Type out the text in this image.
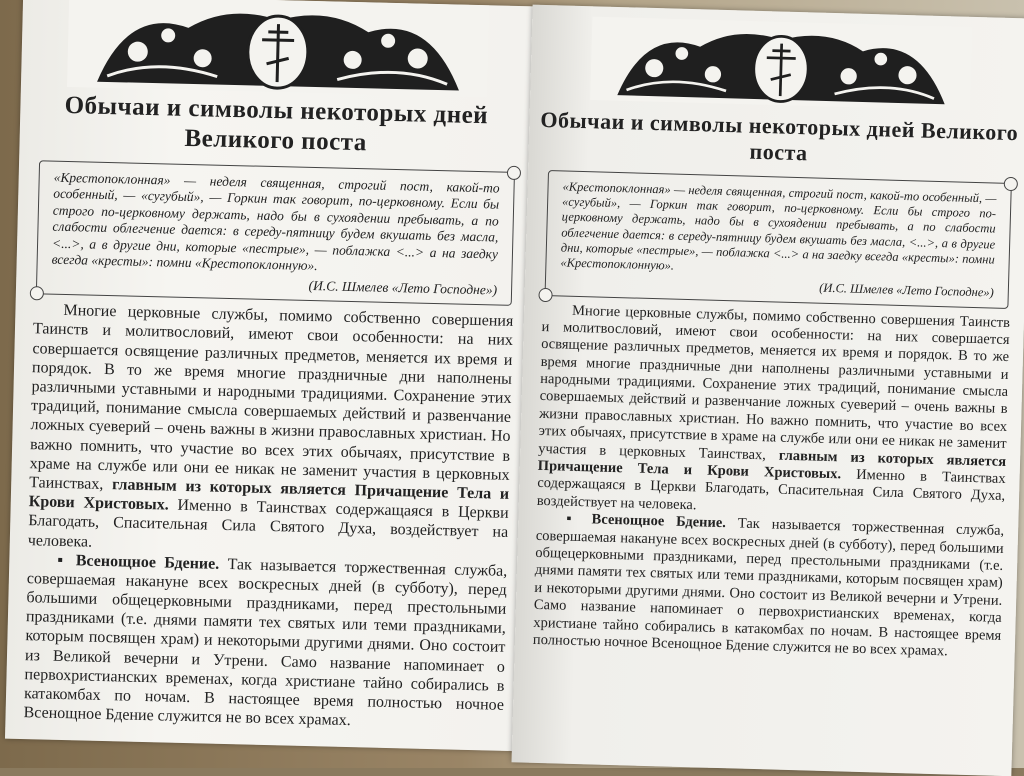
Обычаи и символы некоторых дней Великого поста
«Крестопоклонная» — неделя священная, строгий пост, какой-то особенный, — «сугубый», — Горкин так говорит, по-церковному. Если бы строго по-церковному держать, надо бы в сухоядении пребывать, а по слабости облегчение дается: в середу-пятницу будем вкушать без масла, <...>, а в другие дни, которые «пестрые», — поблажка <...> а на заедку всегда «кресты»: помни «Крестопоклонную».
(И.С. Шмелев «Лето Господне»)

Многие церковные службы, помимо собственно совершения Таинств и молитвословий, имеют свои особенности: на них совершается освящение различных предметов, меняется их время и порядок. В то же время многие праздничные дни наполнены различными уставными и народными традициями. Сохранение этих традиций, понимание смысла совершаемых действий и развенчание ложных суеверий – очень важны в жизни православных христиан. Но важно помнить, что участие во всех этих обычаях, присутствие в храме на службе или они ее никак не заменит участия в церковных Таинствах, главным из которых является Причащение Тела и Крови Христовых. Именно в Таинствах содержащаяся в Церкви Благодать, Спасительная Сила Святого Духа, воздействует на человека.

▪ Всенощное Бдение. Так называется торжественная служба, совершаемая накануне всех воскресных дней (в субботу), перед большими общецерковными праздниками, перед престольными праздниками (т.е. днями памяти тех святых или теми праздниками, которым посвящен храм) и некоторыми другими днями. Оно состоит из Великой вечерни и Утрени. Само название напоминает о первохристианских временах, когда христиане тайно собирались в катакомбах по ночам. В настоящее время полностью ночное Всенощное Бдение служится не во всех храмах.

Обычаи и символы некоторых дней Великого поста
«Крестопоклонная» — неделя священная, строгий пост, какой-то особенный, — «сугубый», — Горкин так говорит, по-церковному. Если бы строго по-церковному держать, надо бы в сухоядении пребывать, а по слабости облегчение дается: в середу-пятницу будем вкушать без масла, <...>, а в другие дни, которые «пестрые», — поблажка <...> а на заедку всегда «кресты»: помни «Крестопоклонную».
(И.С. Шмелев «Лето Господне»)

Многие церковные службы, помимо собственно совершения Таинств и молитвословий, имеют свои особенности: на них совершается освящение различных предметов, меняется их время и порядок. В то же время многие праздничные дни наполнены различными уставными и народными традициями. Сохранение этих традиций, понимание смысла совершаемых действий и развенчание ложных суеверий – очень важны в жизни православных христиан. Но важно помнить, что участие во всех этих обычаях, присутствие в храме на службе или они ее никак не заменит участия в церковных Таинствах, главным из которых является Причащение Тела и Крови Христовых. Именно в Таинствах содержащаяся в Церкви Благодать, Спасительная Сила Святого Духа, воздействует на человека.

▪ Всенощное Бдение. Так называется торжественная служба, совершаемая накануне всех воскресных дней (в субботу), перед большими общецерковными праздниками, перед престольными праздниками (т.е. днями памяти тех святых или теми праздниками, которым посвящен храм) и некоторыми другими днями. Оно состоит из Великой вечерни и Утрени. Само название напоминает о первохристианских временах, когда христиане тайно собирались в катакомбах по ночам. В настоящее время полностью ночное Всенощное Бдение служится не во всех храмах.
